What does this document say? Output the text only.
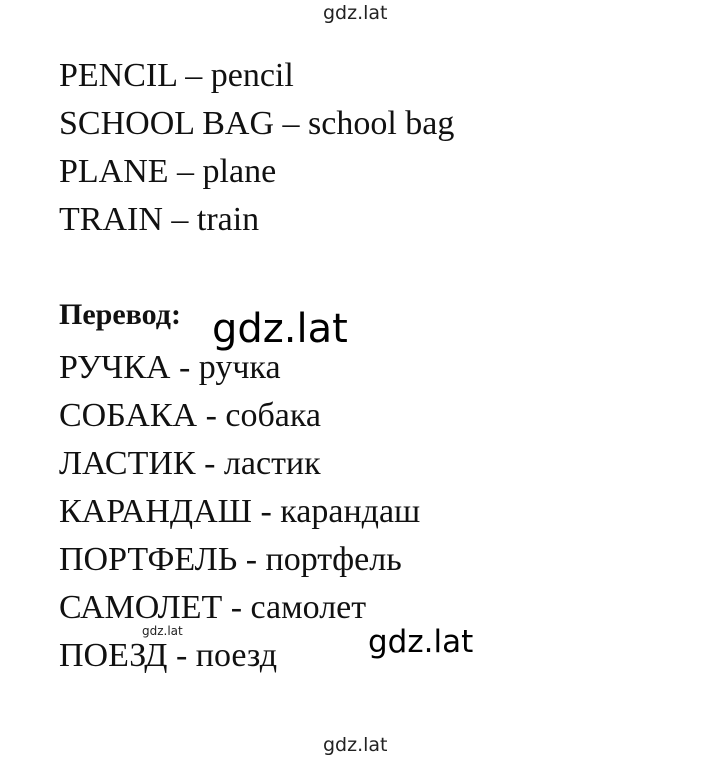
gdz.lat
PENCIL – pencil
SCHOOL BAG – school bag
PLANE – plane
TRAIN – train
Перевод:
РУЧКА - ручка
СОБАКА - собака
ЛАСТИК - ластик
КАРАНДАШ - карандаш
ПОРТФЕЛЬ - портфель
САМОЛЕТ - самолет
ПОЕЗД - поезд
gdz.lat
gdz.lat	gdz.lat
gdz.lat
